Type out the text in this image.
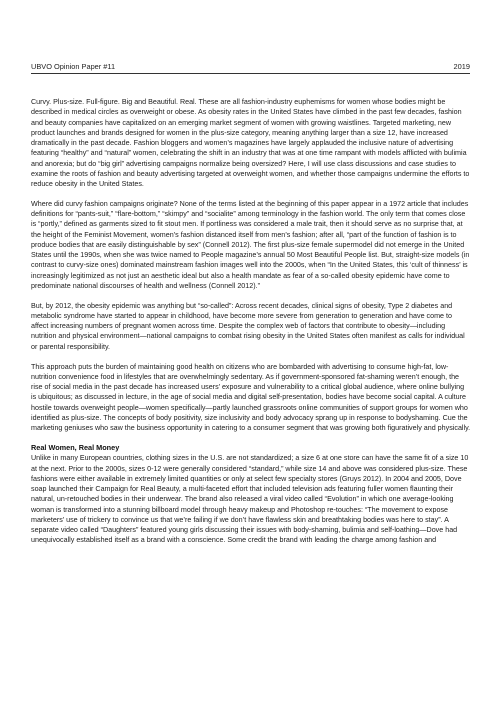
UBVO Opinion Paper #11	2019

Curvy. Plus-size. Full-figure. Big and Beautiful. Real. These are all fashion-industry euphemisms for women whose bodies might be described in medical circles as overweight or obese. As obesity rates in the United States have climbed in the past few decades, fashion and beauty companies have capitalized on an emerging market segment of women with growing waistlines. Targeted marketing, new product launches and brands designed for women in the plus-size category, meaning anything larger than a size 12, have increased dramatically in the past decade. Fashion bloggers and women’s magazines have largely applauded the inclusive nature of advertising featuring “healthy” and “natural” women, celebrating the shift in an industry that was at one time rampant with models afflicted with bulimia and anorexia; but do “big girl” advertising campaigns normalize being oversized? Here, I will use class discussions and case studies to examine the roots of fashion and beauty advertising targeted at overweight women, and whether those campaigns undermine the efforts to reduce obesity in the United States.

Where did curvy fashion campaigns originate? None of the terms listed at the beginning of this paper appear in a 1972 article that includes definitions for “pants-suit,” “flare-bottom,” “skimpy” and “socialite” among terminology in the fashion world. The only term that comes close is “portly,” defined as garments sized to fit stout men. If portliness was considered a male trait, then it should serve as no surprise that, at the height of the Feminist Movement, women’s fashion distanced itself from men’s fashion; after all, “part of the function of fashion is to produce bodies that are easily distinguishable by sex” (Connell 2012). The first plus-size female supermodel did not emerge in the United States until the 1990s, when she was twice named to People magazine’s annual 50 Most Beautiful People list. But, straight-size models (in contrast to curvy-size ones) dominated mainstream fashion images well into the 2000s, when “In the United States, this ‘cult of thinness’ is increasingly legitimized as not just an aesthetic ideal but also a health mandate as fear of a so-called obesity epidemic have come to predominate national discourses of health and wellness (Connell 2012).”

But, by 2012, the obesity epidemic was anything but “so-called”: Across recent decades, clinical signs of obesity, Type 2 diabetes and metabolic syndrome have started to appear in childhood, have become more severe from generation to generation and have come to affect increasing numbers of pregnant women across time. Despite the complex web of factors that contribute to obesity—including nutrition and physical environment—national campaigns to combat rising obesity in the United States often manifest as calls for individual or parental responsibility.

This approach puts the burden of maintaining good health on citizens who are bombarded with advertising to consume high-fat, low-nutrition convenience food in lifestyles that are overwhelmingly sedentary. As if government-sponsored fat-shaming weren’t enough, the rise of social media in the past decade has increased users’ exposure and vulnerability to a critical global audience, where online bullying is ubiquitous; as discussed in lecture, in the age of social media and digital self-presentation, bodies have become social capital. A culture hostile towards overweight people—women specifically—partly launched grassroots online communities of support groups for women who identified as plus-size. The concepts of body positivity, size inclusivity and body advocacy sprang up in response to bodyshaming. Cue the marketing geniuses who saw the business opportunity in catering to a consumer segment that was growing both figuratively and physically.

Real Women, Real Money

Unlike in many European countries, clothing sizes in the U.S. are not standardized; a size 6 at one store can have the same fit of a size 10 at the next. Prior to the 2000s, sizes 0-12 were generally considered “standard,” while size 14 and above was considered plus-size. These fashions were either available in extremely limited quantities or only at select few specialty stores (Gruys 2012). In 2004 and 2005, Dove soap launched their Campaign for Real Beauty, a multi-faceted effort that included television ads featuring fuller women flaunting their natural, un-retouched bodies in their underwear. The brand also released a viral video called “Evolution” in which one average-looking woman is transformed into a stunning billboard model through heavy makeup and Photoshop re-touches: “The movement to expose marketers’ use of trickery to convince us that we’re failing if we don’t have flawless skin and breathtaking bodies was here to stay”. A separate video called “Daughters” featured young girls discussing their issues with body-shaming, bulimia and self-loathing—Dove had unequivocally established itself as a brand with a conscience. Some credit the brand with leading the charge among fashion and
